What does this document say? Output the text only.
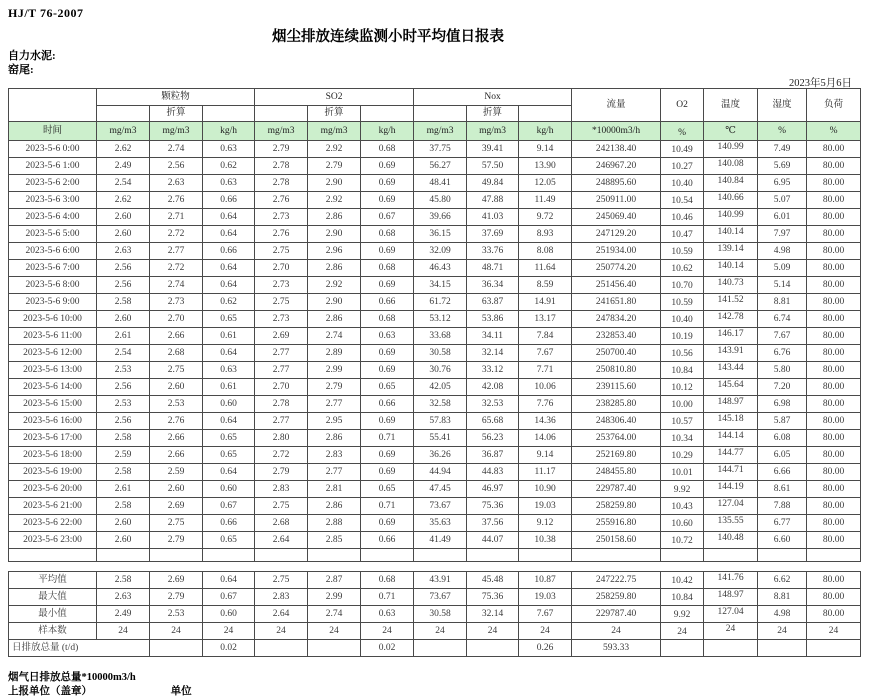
HJ/T 76-2007
烟尘排放连续监测小时平均值日报表
自力水泥:
窑尾:
2023年5月6日
	颗粒物			SO2			Nox			流量	O2	温度	湿度	负荷
		折算			折算			折算						
时间	mg/m3	mg/m3	kg/h	mg/m3	mg/m3	kg/h	mg/m3	mg/m3	kg/h	*10000m3/h	%	℃	%	%
2023-5-6 0:00	2.62	2.74	0.63	2.79	2.92	0.68	37.75	39.41	9.14	242138.40	10.49	140.99	7.49	80.00
2023-5-6 1:00	2.49	2.56	0.62	2.78	2.79	0.69	56.27	57.50	13.90	246967.20	10.27	140.08	5.69	80.00
2023-5-6 2:00	2.54	2.63	0.63	2.78	2.90	0.69	48.41	49.84	12.05	248895.60	10.40	140.84	6.95	80.00
2023-5-6 3:00	2.62	2.76	0.66	2.76	2.92	0.69	45.80	47.88	11.49	250911.00	10.54	140.66	5.07	80.00
2023-5-6 4:00	2.60	2.71	0.64	2.73	2.86	0.67	39.66	41.03	9.72	245069.40	10.46	140.99	6.01	80.00
2023-5-6 5:00	2.60	2.72	0.64	2.76	2.90	0.68	36.15	37.69	8.93	247129.20	10.47	140.14	7.97	80.00
2023-5-6 6:00	2.63	2.77	0.66	2.75	2.96	0.69	32.09	33.76	8.08	251934.00	10.59	139.14	4.98	80.00
2023-5-6 7:00	2.56	2.72	0.64	2.70	2.86	0.68	46.43	48.71	11.64	250774.20	10.62	140.14	5.09	80.00
2023-5-6 8:00	2.56	2.74	0.64	2.73	2.92	0.69	34.15	36.34	8.59	251456.40	10.70	140.73	5.14	80.00
2023-5-6 9:00	2.58	2.73	0.62	2.75	2.90	0.66	61.72	63.87	14.91	241651.80	10.59	141.52	8.81	80.00
2023-5-6 10:00	2.60	2.70	0.65	2.73	2.86	0.68	53.12	53.86	13.17	247834.20	10.40	142.78	6.74	80.00
2023-5-6 11:00	2.61	2.66	0.61	2.69	2.74	0.63	33.68	34.11	7.84	232853.40	10.19	146.17	7.67	80.00
2023-5-6 12:00	2.54	2.68	0.64	2.77	2.89	0.69	30.58	32.14	7.67	250700.40	10.56	143.91	6.76	80.00
2023-5-6 13:00	2.53	2.75	0.63	2.77	2.99	0.69	30.76	33.12	7.71	250810.80	10.84	143.44	5.80	80.00
2023-5-6 14:00	2.56	2.60	0.61	2.70	2.79	0.65	42.05	42.08	10.06	239115.60	10.12	145.64	7.20	80.00
2023-5-6 15:00	2.53	2.53	0.60	2.78	2.77	0.66	32.58	32.53	7.76	238285.80	10.00	148.97	6.98	80.00
2023-5-6 16:00	2.56	2.76	0.64	2.77	2.95	0.69	57.83	65.68	14.36	248306.40	10.57	145.18	5.87	80.00
2023-5-6 17:00	2.58	2.66	0.65	2.80	2.86	0.71	55.41	56.23	14.06	253764.00	10.34	144.14	6.08	80.00
2023-5-6 18:00	2.59	2.66	0.65	2.72	2.83	0.69	36.26	36.87	9.14	252169.80	10.29	144.77	6.05	80.00
2023-5-6 19:00	2.58	2.59	0.64	2.79	2.77	0.69	44.94	44.83	11.17	248455.80	10.01	144.71	6.66	80.00
2023-5-6 20:00	2.61	2.60	0.60	2.83	2.81	0.65	47.45	46.97	10.90	229787.40	9.92	144.19	8.61	80.00
2023-5-6 21:00	2.58	2.69	0.67	2.75	2.86	0.71	73.67	75.36	19.03	258259.80	10.43	127.04	7.88	80.00
2023-5-6 22:00	2.60	2.75	0.66	2.68	2.88	0.69	35.63	37.56	9.12	255916.80	10.60	135.55	6.77	80.00
2023-5-6 23:00	2.60	2.79	0.65	2.64	2.85	0.66	41.49	44.07	10.38	250158.60	10.72	140.48	6.60	80.00

平均值	2.58	2.69	0.64	2.75	2.87	0.68	43.91	45.48	10.87	247222.75	10.42	141.76	6.62	80.00
最大值	2.63	2.79	0.67	2.83	2.99	0.71	73.67	75.36	19.03	258259.80	10.84	148.97	8.81	80.00
最小值	2.49	2.53	0.60	2.64	2.74	0.63	30.58	32.14	7.67	229787.40	9.92	127.04	4.98	80.00
样本数	24	24	24	24	24	24	24	24	24	24	24	24	24	24
日排放总量 (t/d)			0.02			0.02			0.26	593.33				
烟气日排放总量*10000m3/h
上报单位（盖章）	单位
